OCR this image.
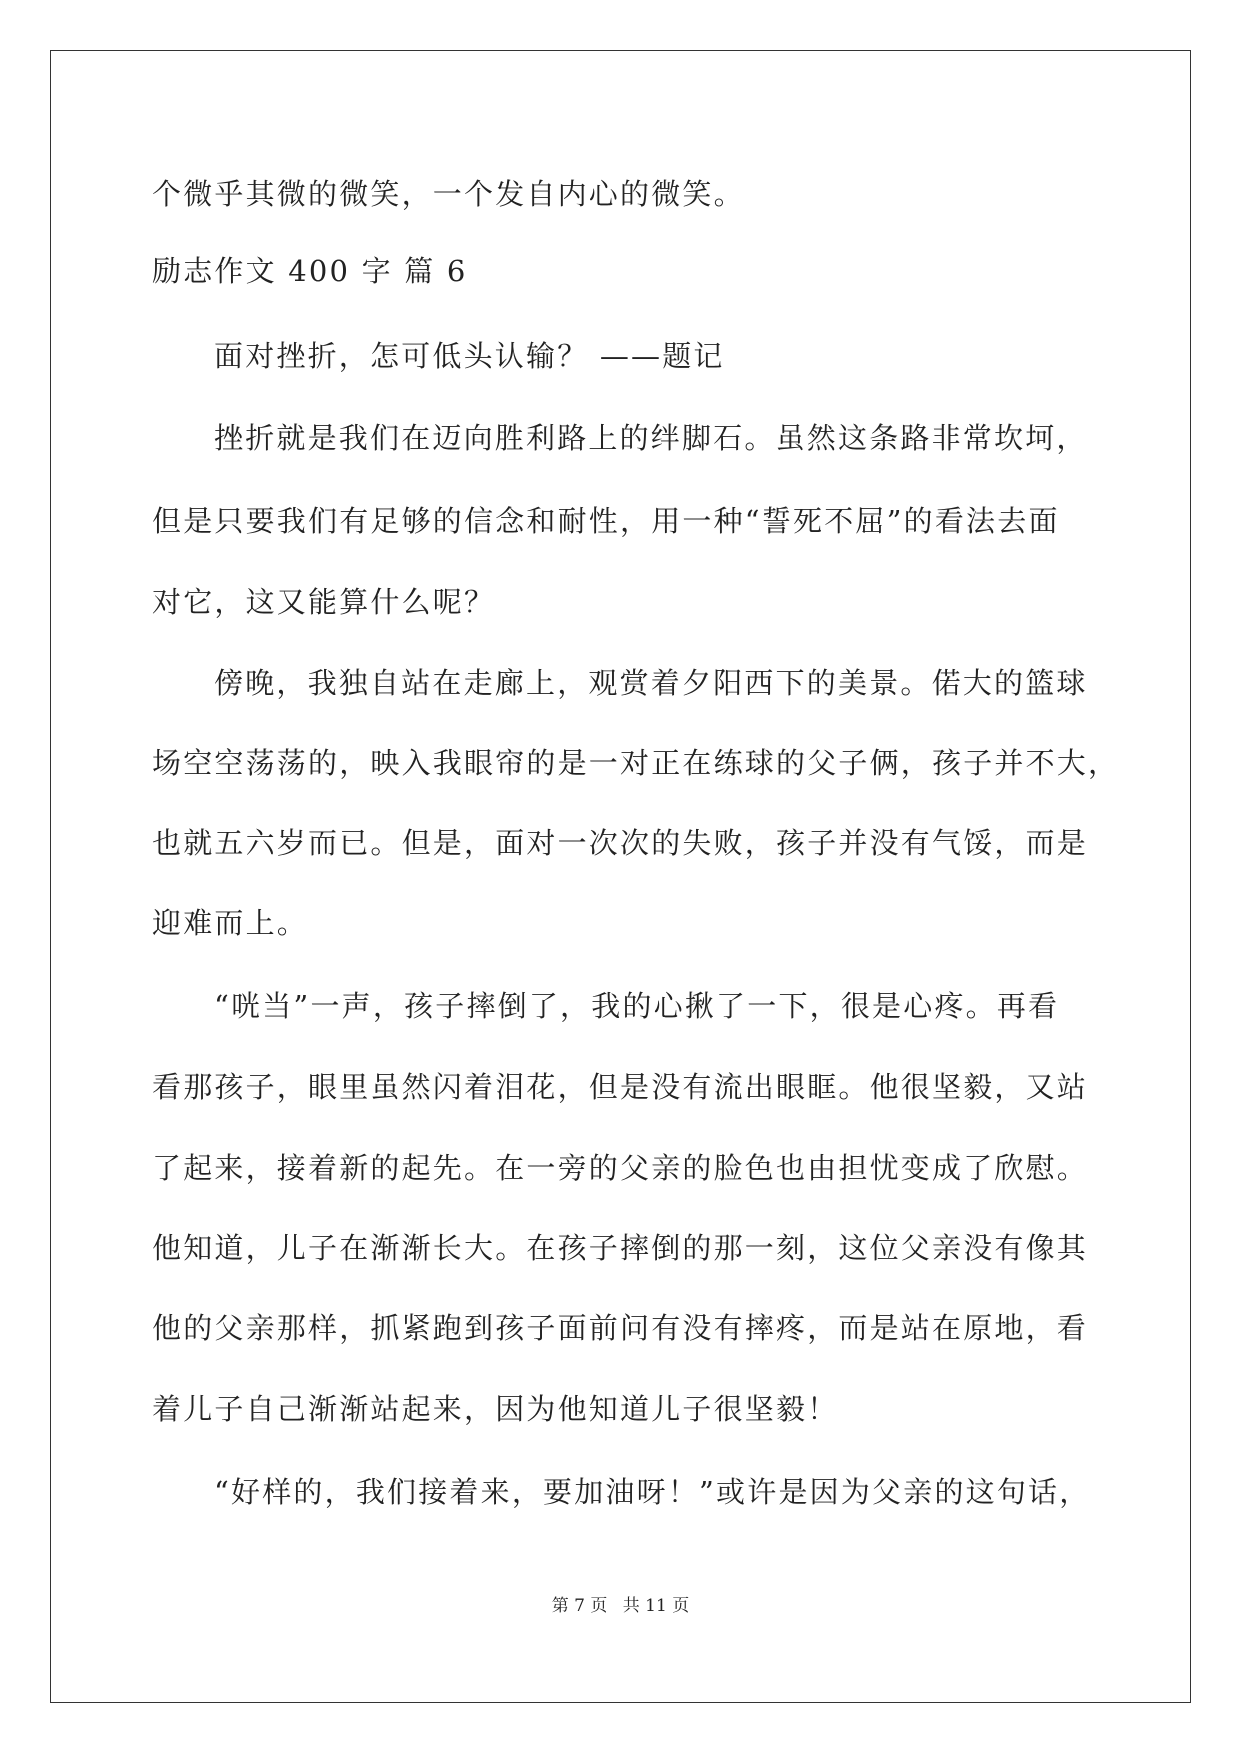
个微乎其微的微笑，一个发自内心的微笑。
励志作文 400 字 篇 6
面对挫折，怎可低头认输？ ——题记
挫折就是我们在迈向胜利路上的绊脚石。虽然这条路非常坎坷，
但是只要我们有足够的信念和耐性，用一种“誓死不屈”的看法去面
对它，这又能算什么呢？
傍晚，我独自站在走廊上，观赏着夕阳西下的美景。偌大的篮球
场空空荡荡的，映入我眼帘的是一对正在练球的父子俩，孩子并不大，
也就五六岁而已。但是，面对一次次的失败，孩子并没有气馁，而是
迎难而上。
“咣当”一声，孩子摔倒了，我的心揪了一下，很是心疼。再看
看那孩子，眼里虽然闪着泪花，但是没有流出眼眶。他很坚毅，又站
了起来，接着新的起先。在一旁的父亲的脸色也由担忧变成了欣慰。
他知道，儿子在渐渐长大。在孩子摔倒的那一刻，这位父亲没有像其
他的父亲那样，抓紧跑到孩子面前问有没有摔疼，而是站在原地，看
着儿子自己渐渐站起来，因为他知道儿子很坚毅！
“好样的，我们接着来，要加油呀！”或许是因为父亲的这句话，
第 7 页 共 11 页
